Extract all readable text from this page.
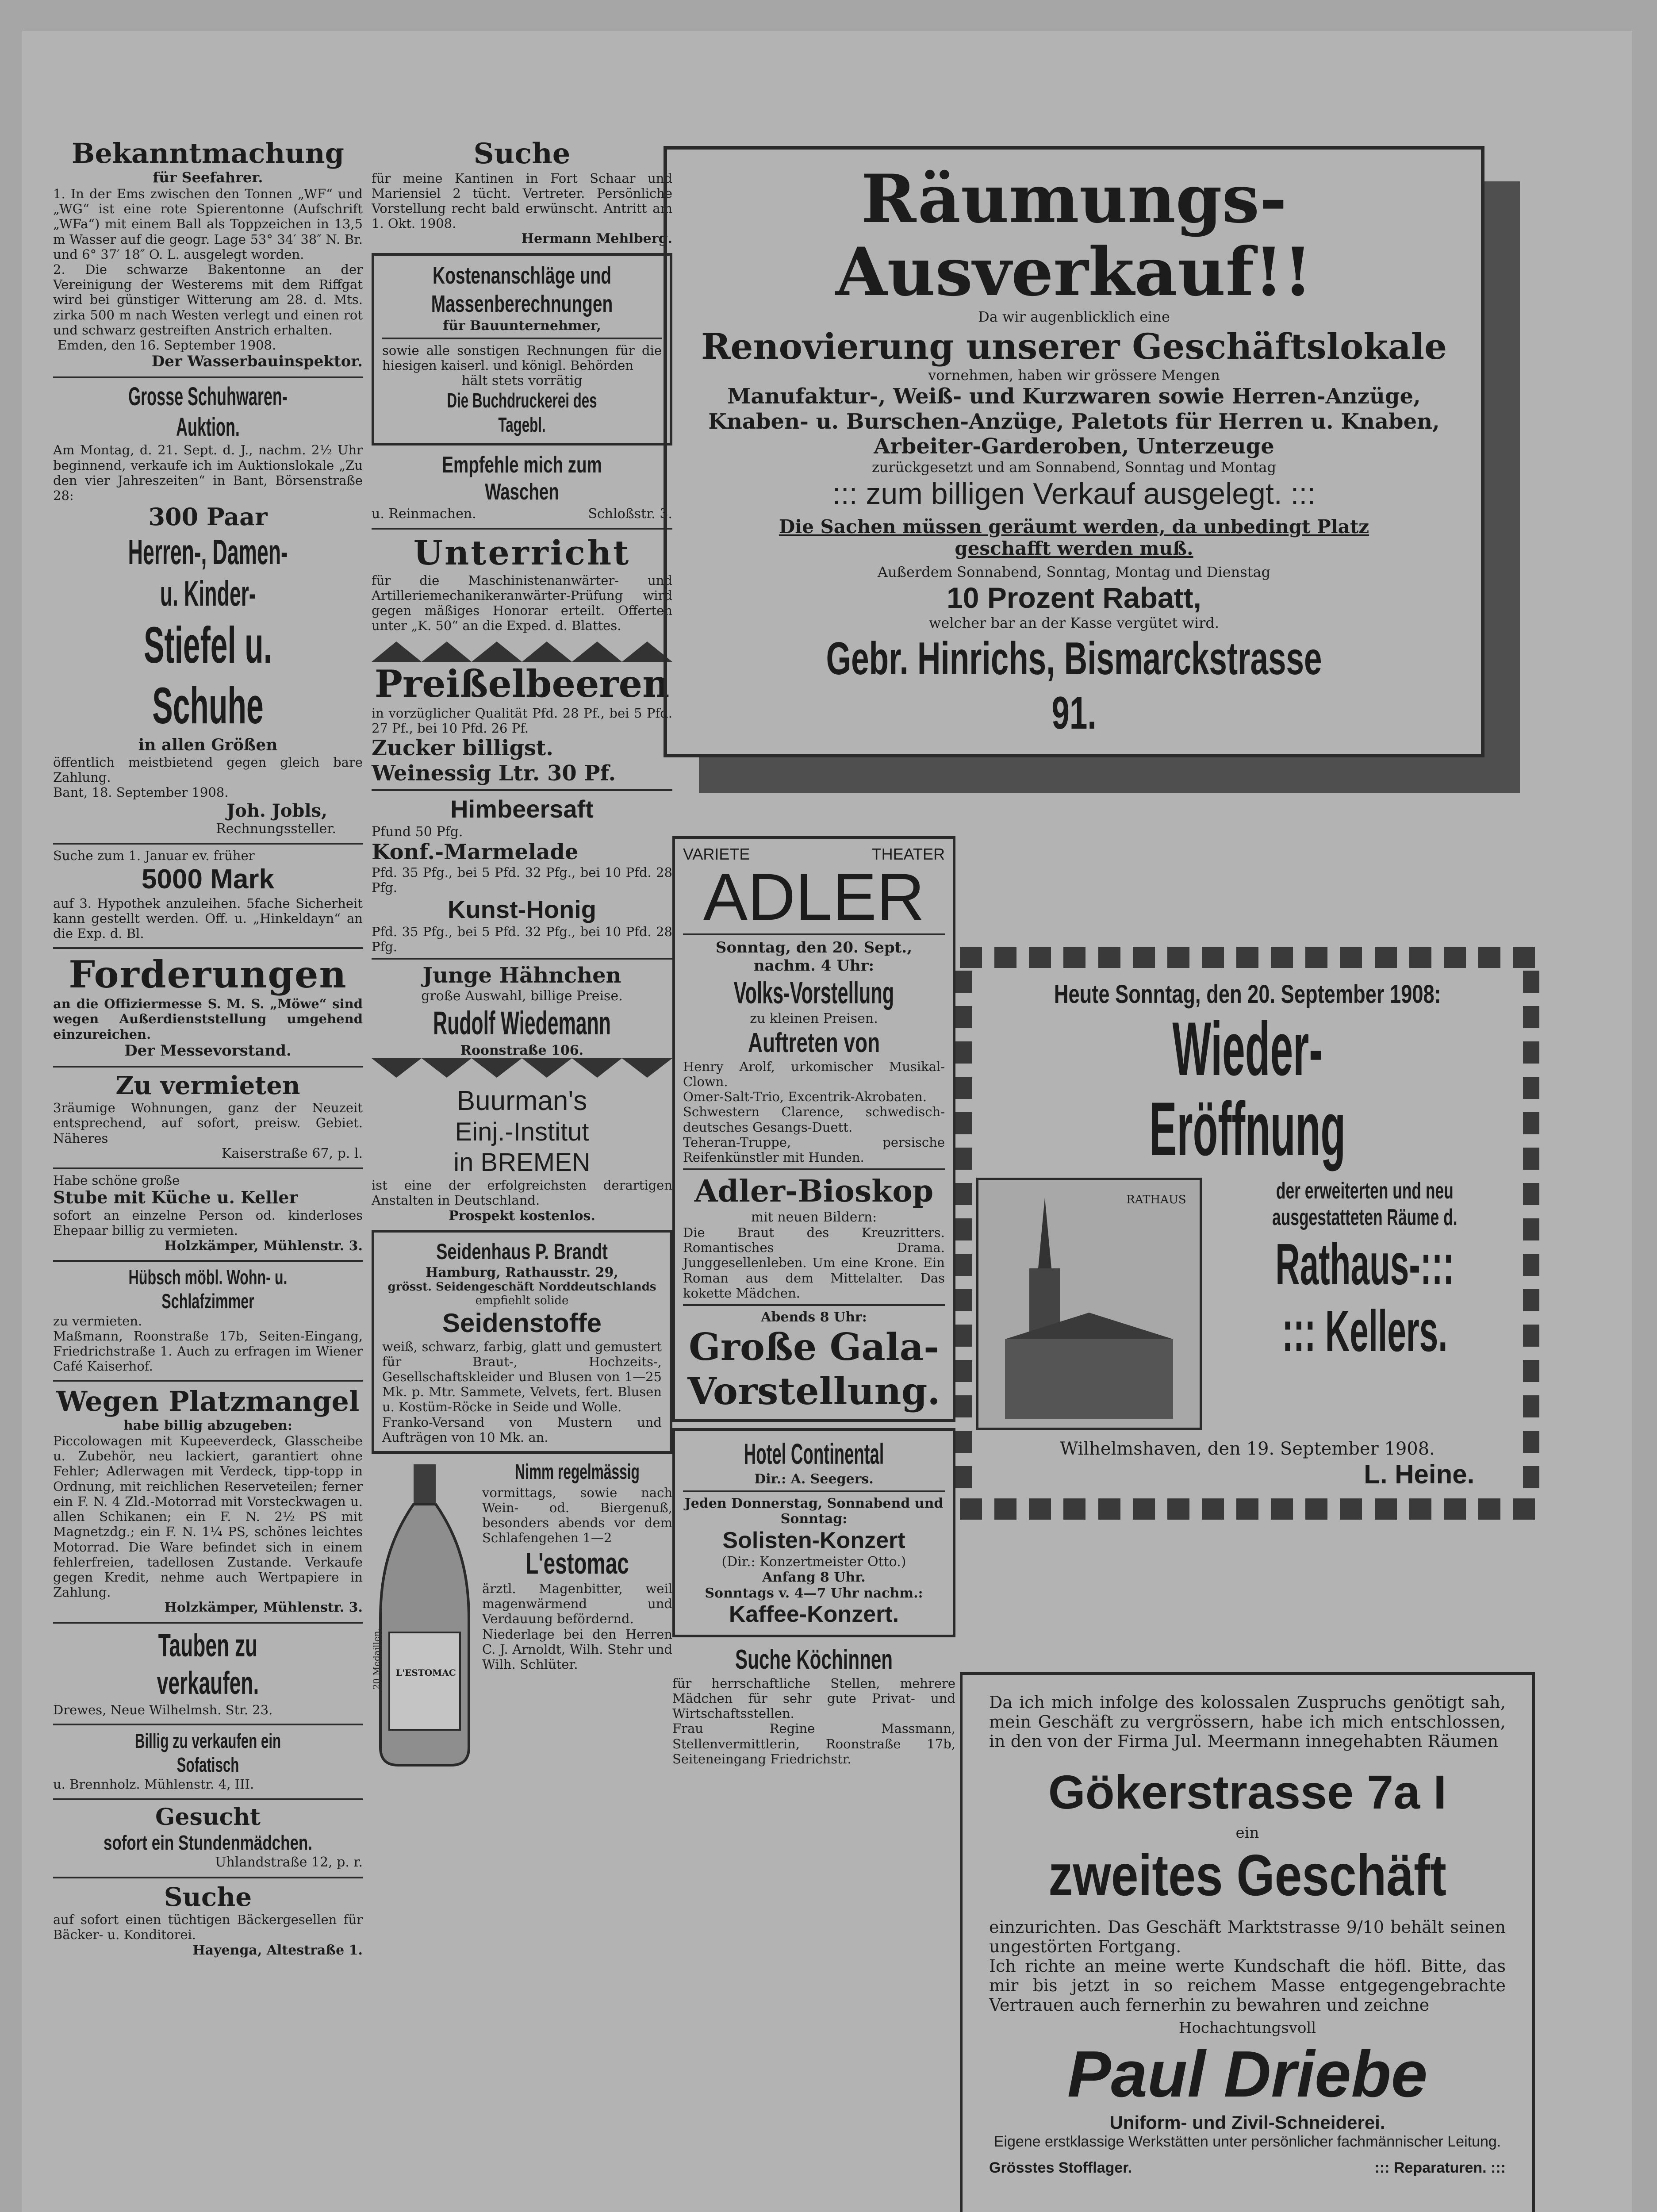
Bekanntmachung
für Seefahrer.
1. In der Ems zwischen den Tonnen „WF“ und „WG“ ist eine rote Spierentonne (Aufschrift „WFa“) mit einem Ball als Toppzeichen in 13,5 m Wasser auf die geogr. Lage 53° 34′ 38″ N. Br. und 6° 37′ 18″ O. L. ausgelegt worden.
2. Die schwarze Bakentonne an der Vereinigung der Westerems mit dem Riffgat wird bei günstiger Witterung am 28. d. Mts. zirka 500 m nach Westen verlegt und einen rot und schwarz gestreiften Anstrich erhalten.
Emden, den 16. September 1908.
Der Wasserbauinspektor.
Grosse Schuhwaren-Auktion.
Am Montag, d. 21. Sept. d. J., nachm. 2½ Uhr beginnend, verkaufe ich im Auktionslokale „Zu den vier Jahreszeiten“ in Bant, Börsenstraße 28:
300 Paar
Herren-, Damen- u. Kinder-
Stiefel u. Schuhe
in allen Größen
öffentlich meistbietend gegen gleich bare Zahlung.
Bant, 18. September 1908.
Joh. Jobls,
Rechnungssteller.
Suche zum 1. Januar ev. früher
5000 Mark
auf 3. Hypothek anzuleihen. 5fache Sicherheit kann gestellt werden. Off. u. „Hinkeldayn“ an die Exp. d. Bl.
Forderungen
an die Offiziermesse S. M. S. „Möwe“ sind wegen Außerdienststellung umgehend einzureichen.
Der Messevorstand.
Zu vermieten
3räumige Wohnungen, ganz der Neuzeit entsprechend, auf sofort, preisw. Gebiet. Näheres
Kaiserstraße 67, p. l.
Habe schöne große
Stube mit Küche u. Keller
sofort an einzelne Person od. kinderloses Ehepaar billig zu vermieten.
Holzkämper, Mühlenstr. 3.
Hübsch möbl. Wohn- u. Schlafzimmer
zu vermieten.
Maßmann, Roonstraße 17b, Seiten-Eingang, Friedrichstraße 1. Auch zu erfragen im Wiener Café Kaiserhof.
Wegen Platzmangel
habe billig abzugeben:
Piccolowagen mit Kupeeverdeck, Glasscheibe u. Zubehör, neu lackiert, garantiert ohne Fehler; Adlerwagen mit Verdeck, tipp-topp in Ordnung, mit reichlichen Reserveteilen; ferner ein F. N. 4 Zld.-Motorrad mit Vorsteckwagen u. allen Schikanen; ein F. N. 2½ PS mit Magnetzdg.; ein F. N. 1¼ PS, schönes leichtes Motorrad. Die Ware befindet sich in einem fehlerfreien, tadellosen Zustande. Verkaufe gegen Kredit, nehme auch Wertpapiere in Zahlung.
Holzkämper, Mühlenstr. 3.
Tauben zu verkaufen.
Drewes, Neue Wilhelmsh. Str. 23.
Billig zu verkaufen ein Sofatisch
u. Brennholz. Mühlenstr. 4, III.
Gesucht
sofort ein Stundenmädchen.
Uhlandstraße 12, p. r.
Suche
auf sofort einen tüchtigen Bäckergesellen für Bäcker- u. Konditorei.
Hayenga, Altestraße 1.
Suche
für meine Kantinen in Fort Schaar und Mariensiel 2 tücht. Vertreter. Persönliche Vorstellung recht bald erwünscht. Antritt am 1. Okt. 1908.
Hermann Mehlberg.
Kostenanschläge und
Massenberechnungen
für Bauunternehmer,
sowie alle sonstigen Rechnungen für die hiesigen kaiserl. und königl. Behörden
hält stets vorrätig
Die Buchdruckerei des Tagebl.
Empfehle mich zum Waschen
u. Reinmachen.	Schloßstr. 3.
Unterricht
für die Maschinistenanwärter- und Artilleriemechanikeranwärter-Prüfung wird gegen mäßiges Honorar erteilt. Offerten unter „K. 50“ an die Exped. d. Blattes.
Preißelbeeren
in vorzüglicher Qualität Pfd. 28 Pf., bei 5 Pfd. 27 Pf., bei 10 Pfd. 26 Pf.
Zucker billigst.
Weinessig Ltr. 30 Pf.
Himbeersaft
Pfund 50 Pfg.
Konf.-Marmelade
Pfd. 35 Pfg., bei 5 Pfd. 32 Pfg., bei 10 Pfd. 28 Pfg.
Kunst-Honig
Pfd. 35 Pfg., bei 5 Pfd. 32 Pfg., bei 10 Pfd. 28 Pfg.
Junge Hähnchen
große Auswahl, billige Preise.
Rudolf Wiedemann
Roonstraße 106.
Buurman's
Einj.-Institut
in BREMEN
ist eine der erfolgreichsten derartigen Anstalten in Deutschland.
Prospekt kostenlos.
Seidenhaus P. Brandt
Hamburg, Rathausstr. 29,
grösst. Seidengeschäft Norddeutschlands
empfiehlt solide
Seidenstoffe
weiß, schwarz, farbig, glatt und gemustert für Braut-, Hochzeits-, Gesellschaftskleider und Blusen von 1—25 Mk. p. Mtr. Sammete, Velvets, fert. Blusen u. Kostüm-Röcke in Seide und Wolle.
Franko-Versand von Mustern und Aufträgen von 10 Mk. an.
L'ESTOMAC
20 Medaillen.
Nimm regelmässig
vormittags, sowie nach Wein- od. Biergenuß, besonders abends vor dem Schlafengehen 1—2
L'estomac
ärztl. Magenbitter, weil magenwärmend und Verdauung befördernd.
Niederlage bei den Herren C. J. Arnoldt, Wilh. Stehr und Wilh. Schlüter.
VARIETE	THEATER
ADLER
Sonntag, den 20. Sept., nachm. 4 Uhr:
Volks-Vorstellung
zu kleinen Preisen.
Auftreten von
Henry Arolf, urkomischer Musikal-Clown.
Omer-Salt-Trio, Excentrik-Akrobaten.
Schwestern Clarence, schwedisch-deutsches Gesangs-Duett.
Teheran-Truppe, persische Reifenkünstler mit Hunden.
Adler-Bioskop
mit neuen Bildern:
Die Braut des Kreuzritters. Romantisches Drama. Junggesellenleben. Um eine Krone. Ein Roman aus dem Mittelalter. Das kokette Mädchen.
Abends 8 Uhr:
Große Gala-
Vorstellung.
Hotel Continental
Dir.: A. Seegers.
Jeden Donnerstag, Sonnabend und Sonntag:
Solisten-Konzert
(Dir.: Konzertmeister Otto.)
Anfang 8 Uhr.
Sonntags v. 4—7 Uhr nachm.:
Kaffee-Konzert.
Suche Köchinnen
für herrschaftliche Stellen, mehrere Mädchen für sehr gute Privat- und Wirtschaftsstellen.
Frau Regine Massmann, Stellenvermittlerin, Roonstraße 17b, Seiteneingang Friedrichstr.
Räumungs-Ausverkauf!!
Da wir augenblicklich eine
Renovierung unserer Geschäftslokale
vornehmen, haben wir grössere Mengen
Manufaktur-, Weiß- und Kurzwaren sowie Herren-Anzüge, Knaben- u. Burschen-Anzüge, Paletots für Herren u. Knaben, Arbeiter-Garderoben, Unterzeuge
zurückgesetzt und am Sonnabend, Sonntag und Montag
::: zum billigen Verkauf ausgelegt. :::
Die Sachen müssen geräumt werden, da unbedingt Platz geschafft werden muß.
Außerdem Sonnabend, Sonntag, Montag und Dienstag
10 Prozent Rabatt,
welcher bar an der Kasse vergütet wird.
Gebr. Hinrichs, Bismarckstrasse 91.
Heute Sonntag, den 20. September 1908:
Wieder-Eröffnung
RATHAUS	der erweiterten und neu
ausgestatteten Räume d.
Rathaus-:::
::: Kellers.
Wilhelmshaven, den 19. September 1908.
L. Heine.
Da ich mich infolge des kolossalen Zuspruchs genötigt sah, mein Geschäft zu vergrössern, habe ich mich entschlossen, in den von der Firma Jul. Meermann innegehabten Räumen
Gökerstrasse 7a I
ein
zweites Geschäft
einzurichten. Das Geschäft Marktstrasse 9/10 behält seinen ungestörten Fortgang.
Ich richte an meine werte Kundschaft die höfl. Bitte, das mir bis jetzt in so reichem Masse entgegengebrachte Vertrauen auch fernerhin zu bewahren und zeichne
Hochachtungsvoll
Paul Driebe
Uniform- und Zivil-Schneiderei.
Eigene erstklassige Werkstätten unter persönlicher fachmännischer Leitung.
Grösstes Stofflager.	::: Reparaturen. :::
